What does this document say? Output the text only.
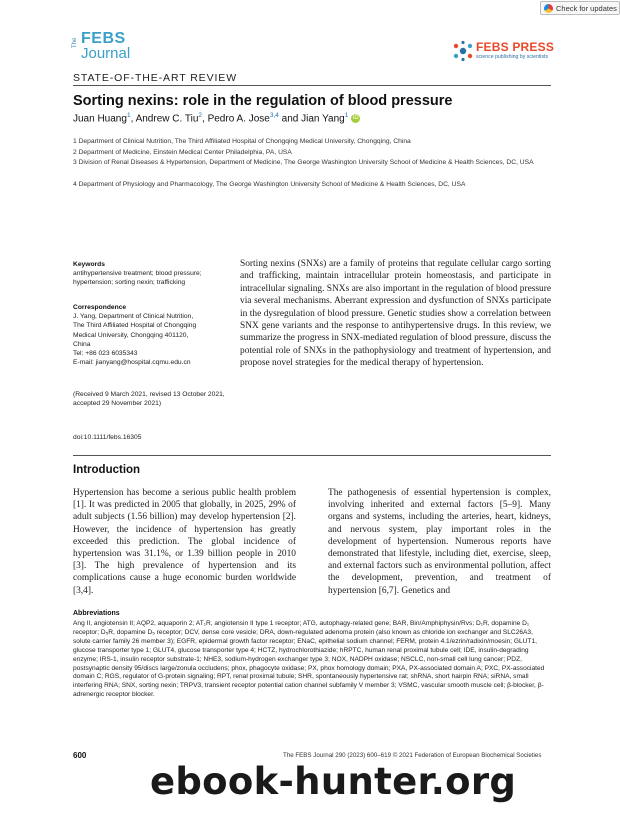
Check for updates
The FEBS
Journal	FEBS PRESS
science publishing by scientists
STATE-OF-THE-ART REVIEW
Sorting nexins: role in the regulation of blood pressure
Juan Huang$^1$, Andrew C. Tiu$^2$, Pedro A. Jose$^{3,4}$ and Jian Yang$^1$ iD
1 Department of Clinical Nutrition, The Third Affiliated Hospital of Chongqing Medical University, Chongqing, China
2 Department of Medicine, Einstein Medical Center Philadelphia, PA, USA
3 Division of Renal Diseases & Hypertension, Department of Medicine, The George Washington University School of Medicine & Health Sciences, DC, USA
4 Department of Physiology and Pharmacology, The George Washington University School of Medicine & Health Sciences, DC, USA
Keywords
antihypertensive treatment; blood pressure; hypertension; sorting nexin; trafficking
Correspondence
J. Yang, Department of Clinical Nutrition,
The Third Affiliated Hospital of Chongqing
Medical University, Chongqing 401120,
China
Tel: +86 023 6035343
E-mail: jianyang@hospital.cqmu.edu.cn
(Received 9 March 2021, revised 13 October 2021, accepted 29 November 2021)
doi:10.1111/febs.16305
Sorting nexins (SNXs) are a family of proteins that regulate cellular cargo sorting and trafficking, maintain intracellular protein homeostasis, and participate in intracellular signaling. SNXs are also important in the regulation of blood pressure via several mechanisms. Aberrant expression and dysfunction of SNXs participate in the dysregulation of blood pressure. Genetic studies show a correlation between SNX gene variants and the response to antihypertensive drugs. In this review, we summarize the progress in SNX-mediated regulation of blood pressure, discuss the potential role of SNXs in the pathophysiology and treatment of hypertension, and propose novel strategies for the medical therapy of hypertension.
Introduction
Hypertension has become a serious public health problem [1]. It was predicted in 2005 that globally, in 2025, 29% of adult subjects (1.56 billion) may develop hypertension [2]. However, the incidence of hypertension has greatly exceeded this prediction. The global incidence of hypertension was 31.1%, or 1.39 billion people in 2010 [3]. The high prevalence of hypertension and its complications cause a huge economic burden worldwide [3,4].
The pathogenesis of essential hypertension is complex, involving inherited and external factors [5–9]. Many organs and systems, including the arteries, heart, kidneys, and nervous system, play important roles in the development of hypertension. Numerous reports have demonstrated that lifestyle, including diet, exercise, sleep, and external factors such as environmental pollution, affect the development, prevention, and treatment of hypertension [6,7]. Genetics and
Abbreviations
Ang II, angiotensin II; AQP2, aquaporin 2; AT₁R, angiotensin II type 1 receptor; ATG, autophagy-related gene; BAR, Bin/Amphiphysin/Rvs; D₁R, dopamine D₁ receptor; D₅R, dopamine D₅ receptor; DCV, dense core vesicle; DRA, down-regulated adenoma protein (also known as chloride ion exchanger and SLC26A3, solute carrier family 26 member 3); EGFR, epidermal growth factor receptor; ENaC, epithelial sodium channel; FERM, protein 4.1/ezrin/radixin/moesin; GLUT1, glucose transporter type 1; GLUT4, glucose transporter type 4; HCTZ, hydrochlorothiazide; hRPTC, human renal proximal tubule cell; IDE, insulin-degrading enzyme; IRS-1, insulin receptor substrate-1; NHE3, sodium-hydrogen exchanger type 3; NOX, NADPH oxidase; NSCLC, non-small cell lung cancer; PDZ, postsynaptic density 95/discs large/zonula occludens; phox, phagocyte oxidase; PX, phox homology domain; PXA, PX-associated domain A; PXC, PX-associated domain C; RGS, regulator of G-protein signaling; RPT, renal proximal tubule; SHR, spontaneously hypertensive rat; shRNA, short hairpin RNA; siRNA, small interfering RNA; SNX, sorting nexin; TRPV3, transient receptor potential cation channel subfamily V member 3; VSMC, vascular smooth muscle cell; β-blocker, β-adrenergic receptor blocker.
600	The FEBS Journal 290 (2023) 600–619 © 2021 Federation of European Biochemical Societies
ebook-hunter.org
